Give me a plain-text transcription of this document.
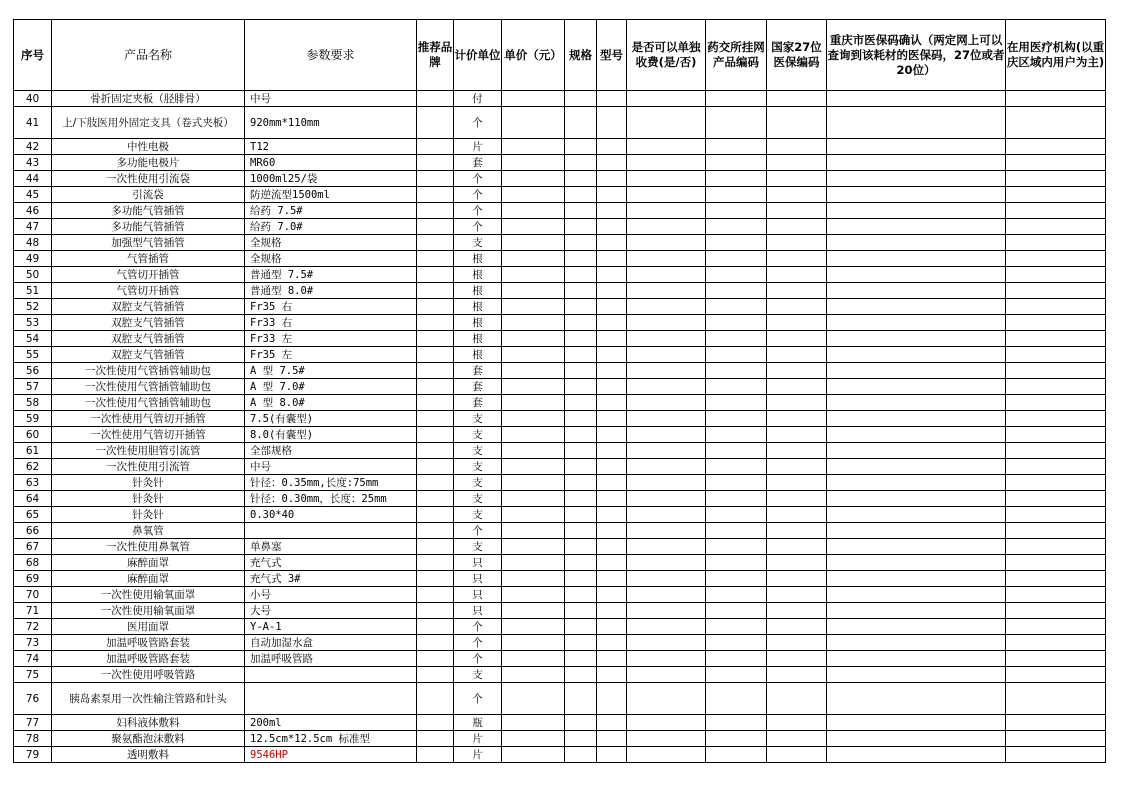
序号	产品名称	参数要求	推荐品牌	计价单位	单价（元）	规格	型号	是否可以单独收费(是/否)	药交所挂网产品编码	国家27位医保编码	重庆市医保码确认（两定网上可以查询到该耗材的医保码，27位或者20位）	在用医疗机构(以重庆区域内用户为主)
40	骨折固定夹板（胫腓骨）	中号		付								
41	上/下肢医用外固定支具（卷式夹板）	920mm*110mm		个								
42	中性电极	T12		片								
43	多功能电极片	MR60		套								
44	一次性使用引流袋	1000ml25/袋		个								
45	引流袋	防逆流型1500ml		个								
46	多功能气管插管	给药 7.5#		个								
47	多功能气管插管	给药 7.0#		个								
48	加强型气管插管	全规格		支								
49	气管插管	全规格		根								
50	气管切开插管	普通型 7.5#		根								
51	气管切开插管	普通型 8.0#		根								
52	双腔支气管插管	Fr35 右		根								
53	双腔支气管插管	Fr33 右		根								
54	双腔支气管插管	Fr33 左		根								
55	双腔支气管插管	Fr35 左		根								
56	一次性使用气管插管辅助包	A 型 7.5#		套								
57	一次性使用气管插管辅助包	A 型 7.0#		套								
58	一次性使用气管插管辅助包	A 型 8.0#		套								
59	一次性使用气管切开插管	7.5(有囊型)		支								
60	一次性使用气管切开插管	8.0(有囊型)		支								
61	一次性使用胆管引流管	全部规格		支								
62	一次性使用引流管	中号		支								
63	针灸针	针径：0.35mm,长度:75mm		支								
64	针灸针	针径：0.30mm，长度：25mm		支								
65	针灸针	0.30*40		支								
66	鼻氧管			个								
67	一次性使用鼻氧管	单鼻塞		支								
68	麻醉面罩	充气式		只								
69	麻醉面罩	充气式 3#		只								
70	一次性使用输氧面罩	小号		只								
71	一次性使用输氧面罩	大号		只								
72	医用面罩	Y-A-1		个								
73	加温呼吸管路套装	自动加湿水盒		个								
74	加温呼吸管路套装	加温呼吸管路		个								
75	一次性使用呼吸管路			支								
76	胰岛素泵用一次性输注管路和针头			个								
77	妇科液体敷料	200ml		瓶								
78	聚氨酯泡沫敷料	12.5cm*12.5cm 标准型		片								
79	透明敷料	9546HP		片								
